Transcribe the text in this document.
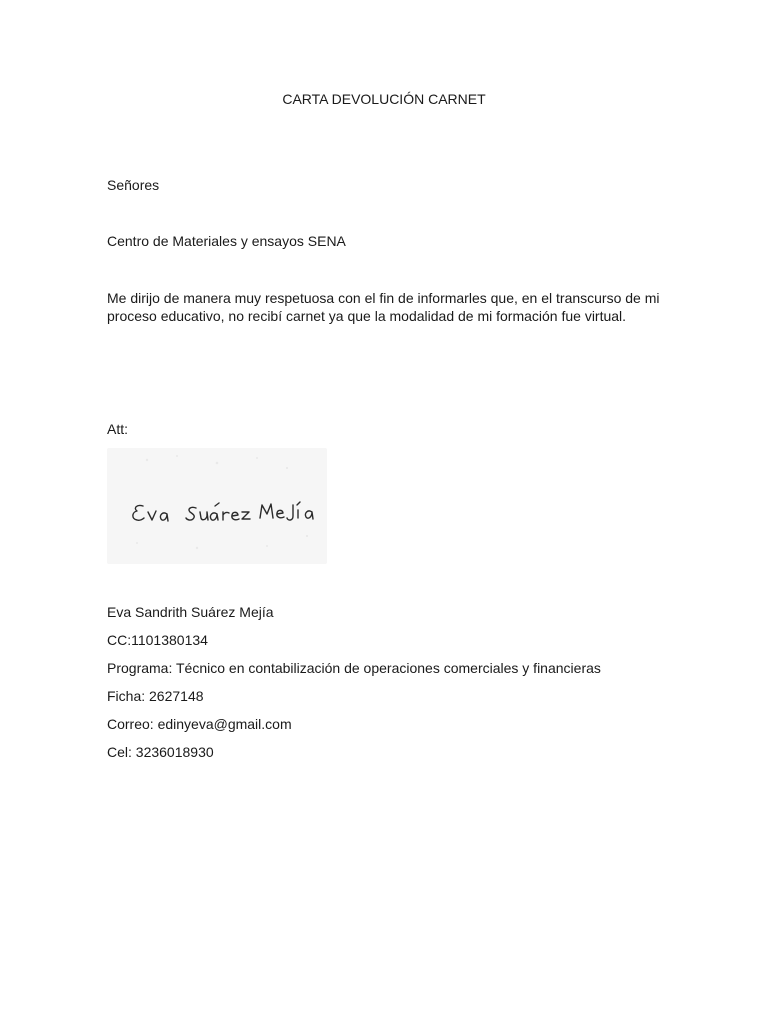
CARTA DEVOLUCIÓN CARNET
Señores
Centro de Materiales y ensayos SENA
Me dirijo de manera muy respetuosa con el fin de informarles que, en el transcurso de mi proceso educativo, no recibí carnet ya que la modalidad de mi formación fue virtual.
Att:
Eva Sandrith Suárez Mejía
CC:1101380134
Programa: Técnico en contabilización de operaciones comerciales y financieras
Ficha: 2627148
Correo: edinyeva@gmail.com
Cel: 3236018930
